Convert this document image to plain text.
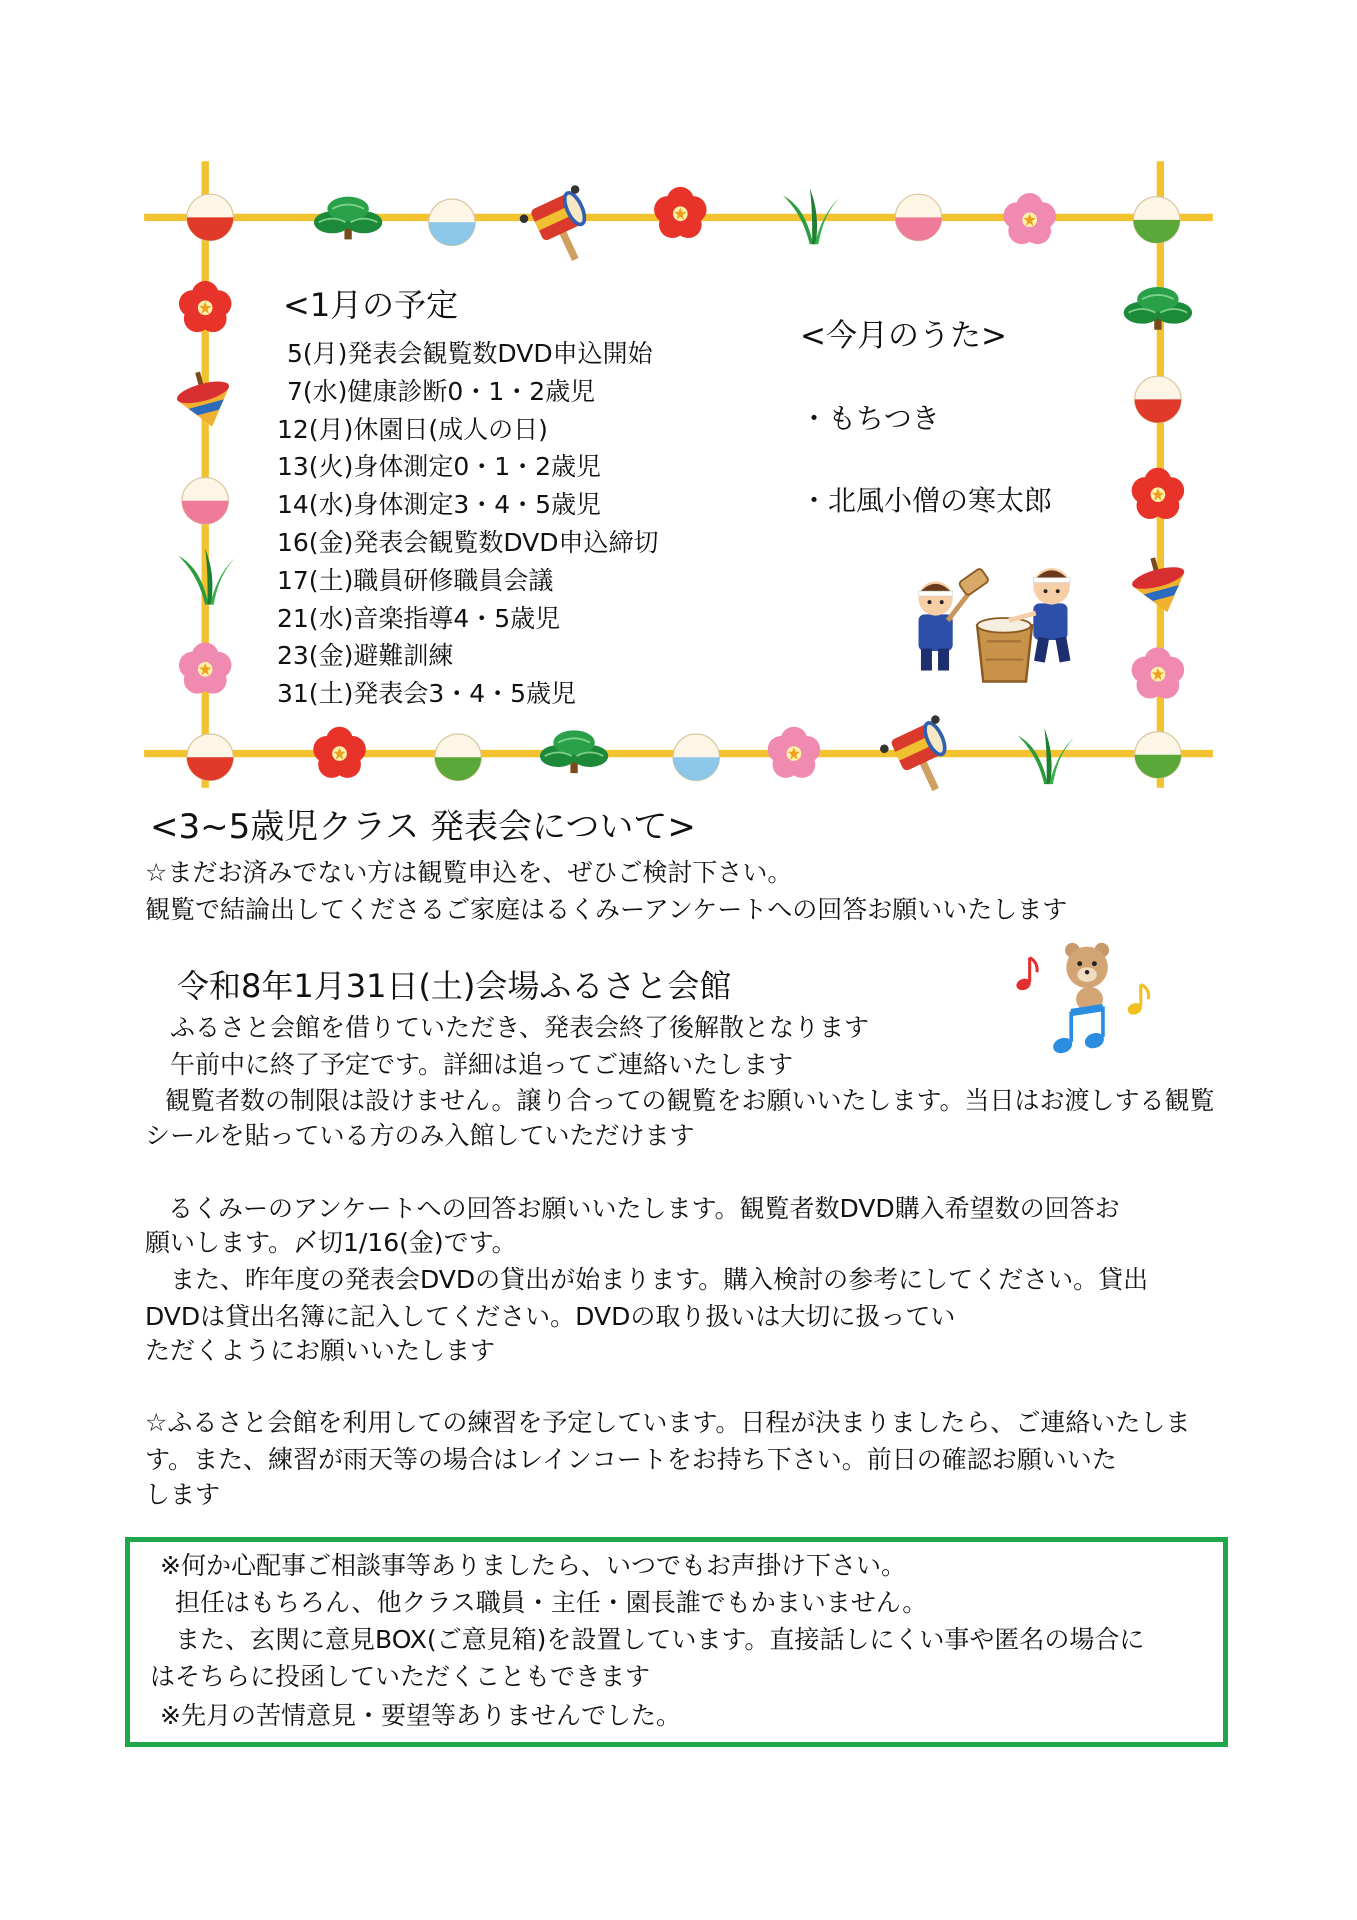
<1月の予定
5(月)発表会観覧数DVD申込開始
7(水)健康診断0・1・2歳児
12(月)休園日(成人の日)
13(火)身体測定0・1・2歳児
14(水)身体測定3・4・5歳児
16(金)発表会観覧数DVD申込締切
17(土)職員研修職員会議
21(水)音楽指導4・5歳児
23(金)避難訓練
31(土)発表会3・4・5歳児
<今月のうた>
・もちつき
・北風小僧の寒太郎
<3~5歳児クラス 発表会について>
☆まだお済みでない方は観覧申込を、ぜひご検討下さい。
観覧で結論出してくださるご家庭はるくみーアンケートへの回答お願いいたします
令和8年1月31日(土)会場ふるさと会館
ふるさと会館を借りていただき、発表会終了後解散となります
午前中に終了予定です。詳細は追ってご連絡いたします
観覧者数の制限は設けません。譲り合っての観覧をお願いいたします。当日はお渡しする観覧
シールを貼っている方のみ入館していただけます
るくみーのアンケートへの回答お願いいたします。観覧者数DVD購入希望数の回答お
願いします。〆切1/16(金)です。
　また、昨年度の発表会DVDの貸出が始まります。購入検討の参考にしてください。貸出
DVDは貸出名簿に記入してください。DVDの取り扱いは大切に扱ってい
ただくようにお願いいたします
☆ふるさと会館を利用しての練習を予定しています。日程が決まりましたら、ご連絡いたしま
す。また、練習が雨天等の場合はレインコートをお持ち下さい。前日の確認お願いいた
します
※何か心配事ご相談事等ありましたら、いつでもお声掛け下さい。
担任はもちろん、他クラス職員・主任・園長誰でもかまいません。
また、玄関に意見BOX(ご意見箱)を設置しています。直接話しにくい事や匿名の場合に
はそちらに投函していただくこともできます
※先月の苦情意見・要望等ありませんでした。
